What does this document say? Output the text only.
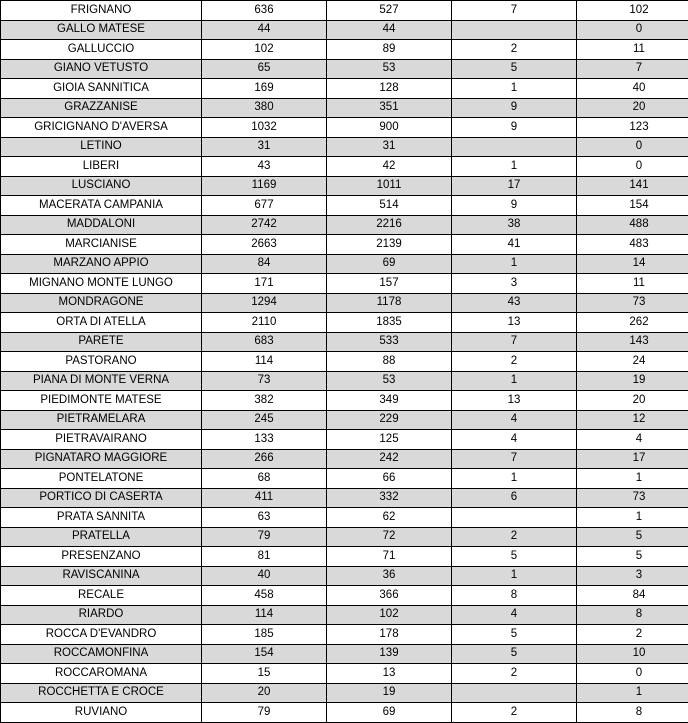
FRIGNANO	636	527	7	102
GALLO MATESE	44	44		0
GALLUCCIO	102	89	2	11
GIANO VETUSTO	65	53	5	7
GIOIA SANNITICA	169	128	1	40
GRAZZANISE	380	351	9	20
GRICIGNANO D'AVERSA	1032	900	9	123
LETINO	31	31		0
LIBERI	43	42	1	0
LUSCIANO	1169	1011	17	141
MACERATA CAMPANIA	677	514	9	154
MADDALONI	2742	2216	38	488
MARCIANISE	2663	2139	41	483
MARZANO APPIO	84	69	1	14
MIGNANO MONTE LUNGO	171	157	3	11
MONDRAGONE	1294	1178	43	73
ORTA DI ATELLA	2110	1835	13	262
PARETE	683	533	7	143
PASTORANO	114	88	2	24
PIANA DI MONTE VERNA	73	53	1	19
PIEDIMONTE MATESE	382	349	13	20
PIETRAMELARA	245	229	4	12
PIETRAVAIRANO	133	125	4	4
PIGNATARO MAGGIORE	266	242	7	17
PONTELATONE	68	66	1	1
PORTICO DI CASERTA	411	332	6	73
PRATA SANNITA	63	62		1
PRATELLA	79	72	2	5
PRESENZANO	81	71	5	5
RAVISCANINA	40	36	1	3
RECALE	458	366	8	84
RIARDO	114	102	4	8
ROCCA D'EVANDRO	185	178	5	2
ROCCAMONFINA	154	139	5	10
ROCCAROMANA	15	13	2	0
ROCCHETTA E CROCE	20	19		1
RUVIANO	79	69	2	8
